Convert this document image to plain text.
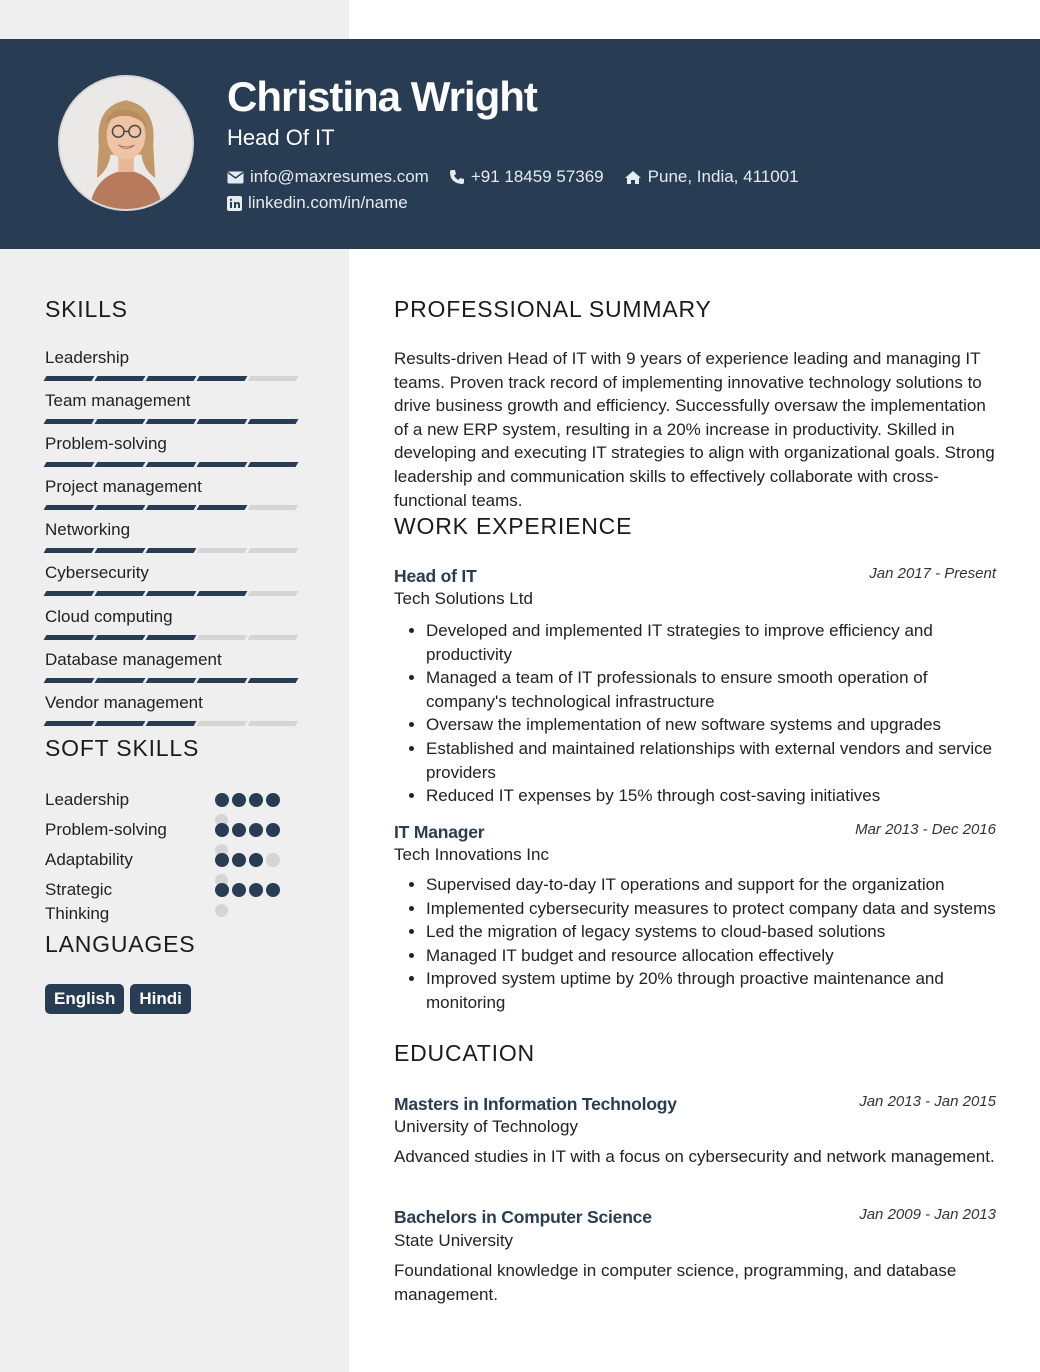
Christina Wright
Head Of IT
info@maxresumes.com +91 18459 57369	Pune, India, 411001
linkedin.com/in/name
SKILLS
Leadership
Team management
Problem-solving
Project management
Networking
Cybersecurity
Cloud computing
Database management
Vendor management
SOFT SKILLS
Leadership
Problem-solving
Adaptability
Strategic Thinking
LANGUAGES
English	Hindi
PROFESSIONAL SUMMARY

Results-driven Head of IT with 9 years of experience leading and managing IT teams. Proven track record of implementing innovative technology solutions to drive business growth and efficiency. Successfully oversaw the implementation of a new ERP system, resulting in a 20% increase in productivity. Skilled in developing and executing IT strategies to align with organizational goals. Strong leadership and communication skills to effectively collaborate with cross-functional teams.

WORK EXPERIENCE
Head of IT	Jan 2017 - Present
Tech Solutions Ltd
• Developed and implemented IT strategies to improve efficiency and productivity
• Managed a team of IT professionals to ensure smooth operation of company's technological infrastructure
• Oversaw the implementation of new software systems and upgrades
• Established and maintained relationships with external vendors and service providers
• Reduced IT expenses by 15% through cost-saving initiatives
IT Manager	Mar 2013 - Dec 2016
Tech Innovations Inc
• Supervised day-to-day IT operations and support for the organization
• Implemented cybersecurity measures to protect company data and systems
• Led the migration of legacy systems to cloud-based solutions
• Managed IT budget and resource allocation effectively
• Improved system uptime by 20% through proactive maintenance and monitoring
EDUCATION
Masters in Information Technology	Jan 2013 - Jan 2015
University of Technology

Advanced studies in IT with a focus on cybersecurity and network management.

Bachelors in Computer Science	Jan 2009 - Jan 2013
State University

Foundational knowledge in computer science, programming, and database management.
